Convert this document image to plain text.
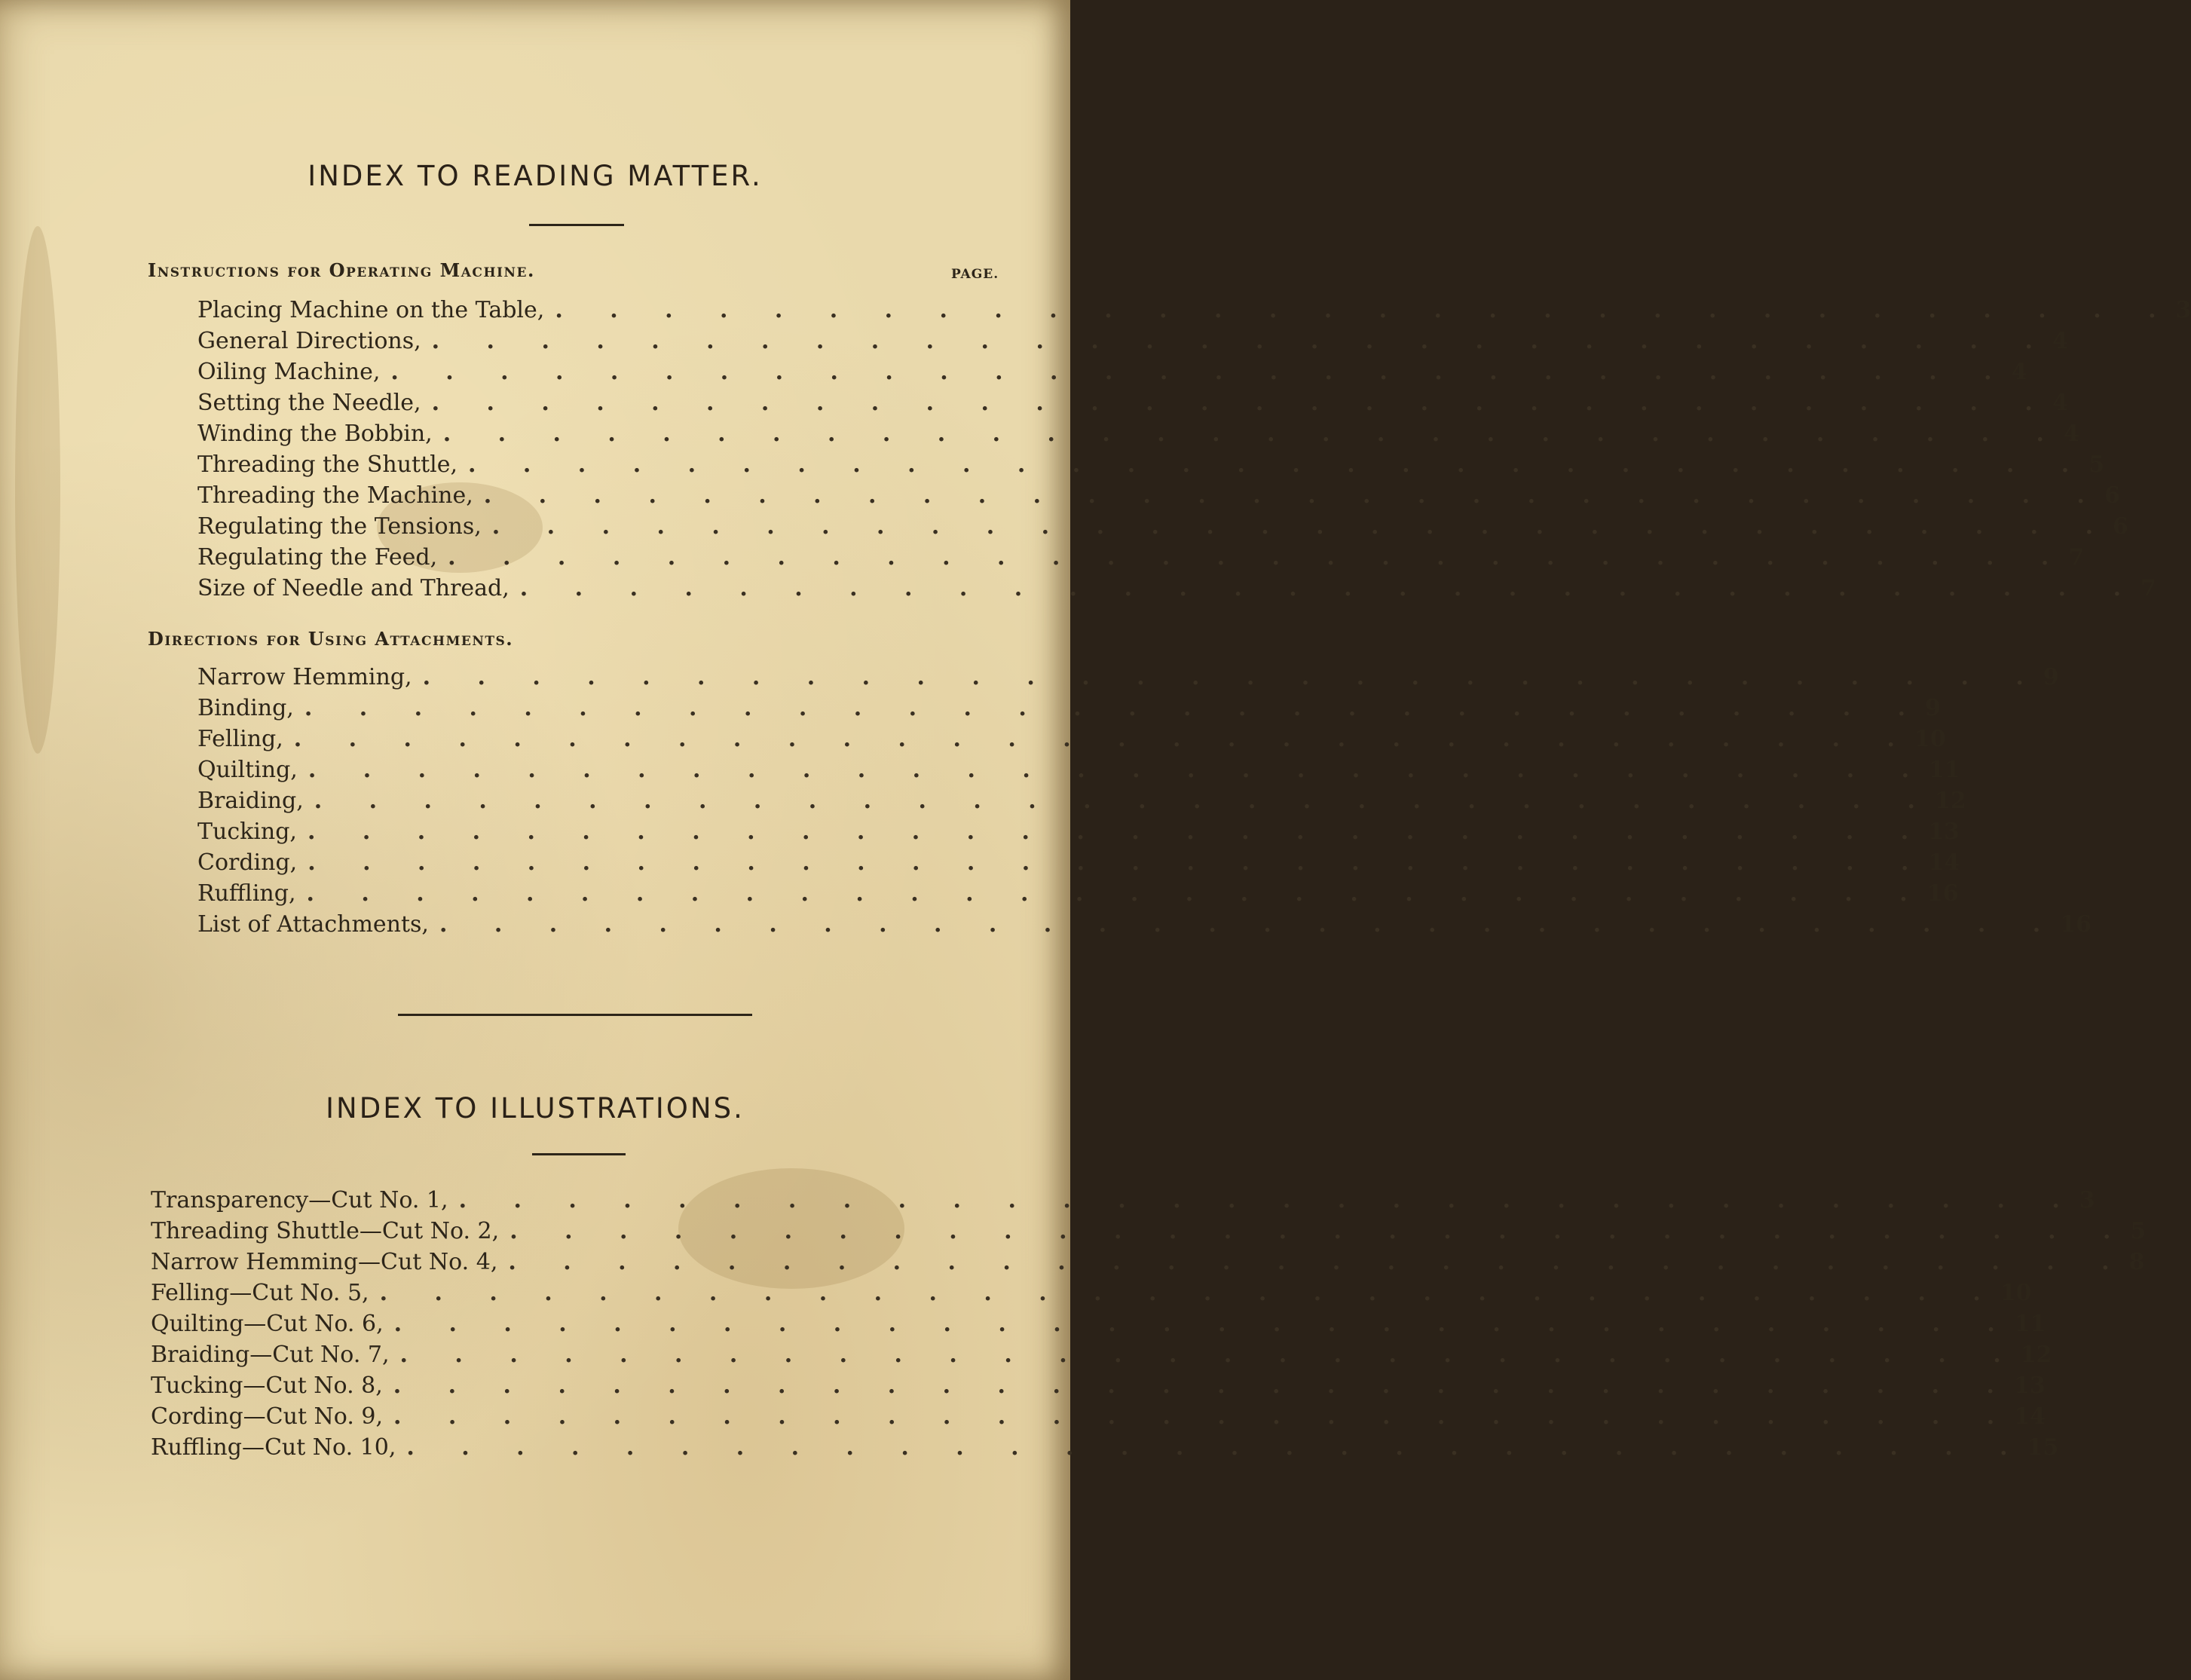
INDEX TO READING MATTER.
Instructions for Operating Machine.	PAGE.
Placing Machine on the Table, . . . . . . . . . . . . . . . . . . . . . . . . . . . . . . 3
General Directions, . . . . . . . . . . . . . . . . . . . . . . . . . . . . . . 4
Oiling Machine, . . . . . . . . . . . . . . . . . . . . . . . . . . . . . . 4
Setting the Needle, . . . . . . . . . . . . . . . . . . . . . . . . . . . . . . 4
Winding the Bobbin, . . . . . . . . . . . . . . . . . . . . . . . . . . . . . . 4
Threading the Shuttle, . . . . . . . . . . . . . . . . . . . . . . . . . . . . . . 5
Threading the Machine, . . . . . . . . . . . . . . . . . . . . . . . . . . . . . . 6
Regulating the Tensions, . . . . . . . . . . . . . . . . . . . . . . . . . . . . . . 6
Regulating the Feed, . . . . . . . . . . . . . . . . . . . . . . . . . . . . . . 7
Size of Needle and Thread, . . . . . . . . . . . . . . . . . . . . . . . . . . . . . . 7
Directions for Using Attachments.
Narrow Hemming, . . . . . . . . . . . . . . . . . . . . . . . . . . . . . . 9
Binding, . . . . . . . . . . . . . . . . . . . . . . . . . . . . . . 9
Felling, . . . . . . . . . . . . . . . . . . . . . . . . . . . . . . 10
Quilting, . . . . . . . . . . . . . . . . . . . . . . . . . . . . . . 11
Braiding, . . . . . . . . . . . . . . . . . . . . . . . . . . . . . . 12
Tucking, . . . . . . . . . . . . . . . . . . . . . . . . . . . . . . 13
Cording, . . . . . . . . . . . . . . . . . . . . . . . . . . . . . . 14
Ruffling, . . . . . . . . . . . . . . . . . . . . . . . . . . . . . . 16
List of Attachments, . . . . . . . . . . . . . . . . . . . . . . . . . . . . . . 16
INDEX TO ILLUSTRATIONS.
Transparency—Cut No. 1, . . . . . . . . . . . . . . . . . . . . . . . . . . . . . . 3
Threading Shuttle—Cut No. 2, . . . . . . . . . . . . . . . . . . . . . . . . . . . . . . 5
Narrow Hemming—Cut No. 4, . . . . . . . . . . . . . . . . . . . . . . . . . . . . . . 8
Felling—Cut No. 5, . . . . . . . . . . . . . . . . . . . . . . . . . . . . . . 10
Quilting—Cut No. 6, . . . . . . . . . . . . . . . . . . . . . . . . . . . . . . 11
Braiding—Cut No. 7, . . . . . . . . . . . . . . . . . . . . . . . . . . . . . . 12
Tucking—Cut No. 8, . . . . . . . . . . . . . . . . . . . . . . . . . . . . . . 13
Cording—Cut No. 9, . . . . . . . . . . . . . . . . . . . . . . . . . . . . . . 14
Ruffling—Cut No. 10, . . . . . . . . . . . . . . . . . . . . . . . . . . . . . . 15
